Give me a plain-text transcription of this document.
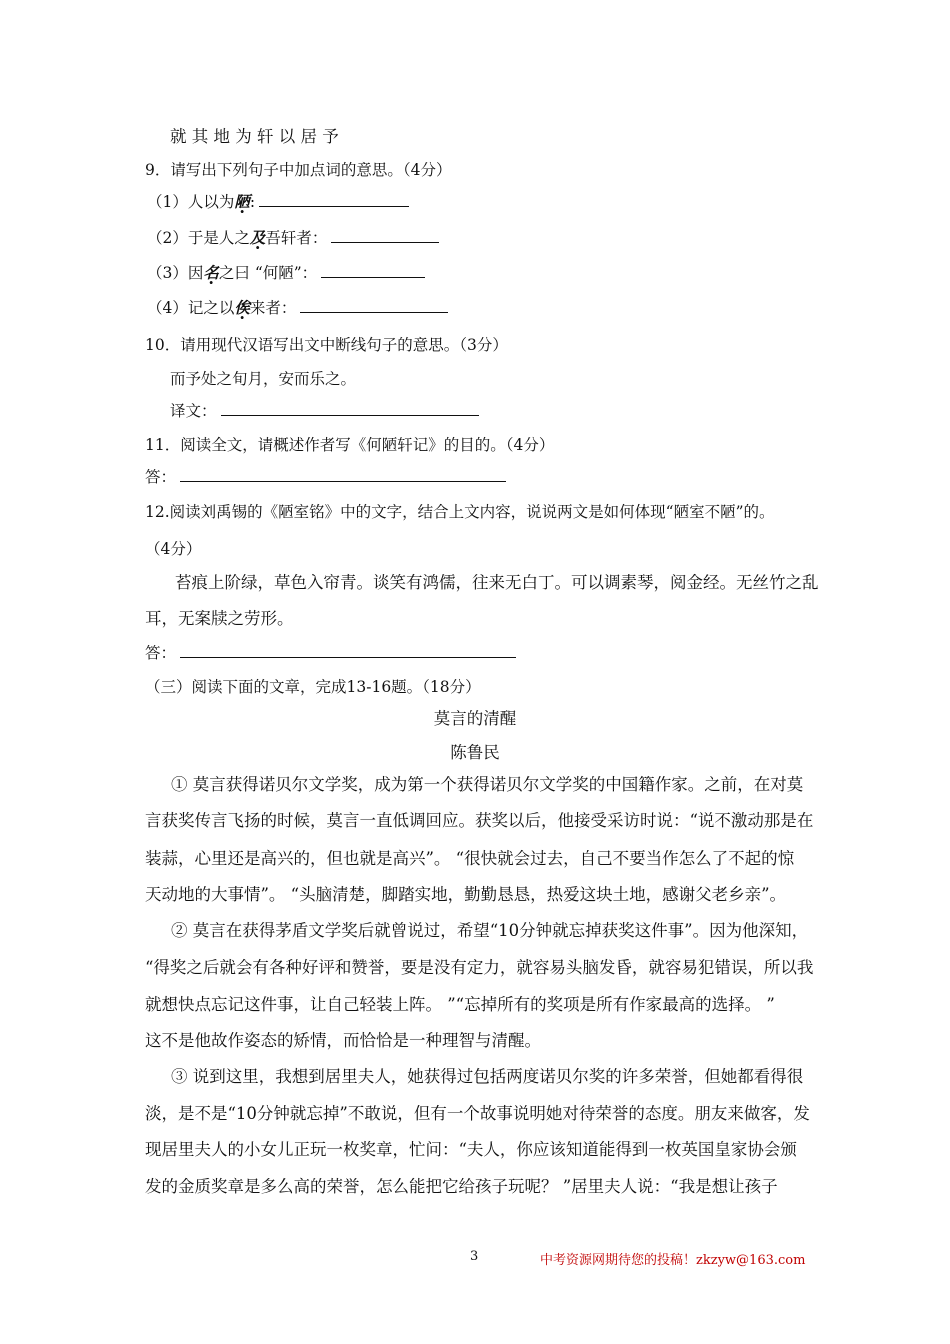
就 其 地 为 轩 以 居 予
9．请写出下列句子中加点词的意思。（4分）
（1）人以为陋:
（2）于是人之及吾轩者：
（3）因名之曰 “何陋”：
（4）记之以俟来者：
10．请用现代汉语写出文中断线句子的意思。（3分）
而予处之旬月，安而乐之。
译文：
11．阅读全文，请概述作者写《何陋轩记》的目的。（4分）
答：
12.阅读刘禹锡的《陋室铭》中的文字，结合上文内容，说说两文是如何体现“陋室不陋”的。
（4分）
苔痕上阶绿，草色入帘青。谈笑有鸿儒，往来无白丁。可以调素琴，阅金经。无丝竹之乱
耳，无案牍之劳形。
答：
（三）阅读下面的文章，完成13-16题。（18分）
莫言的清醒
陈鲁民
① 莫言获得诺贝尔文学奖，成为第一个获得诺贝尔文学奖的中国籍作家。之前，在对莫
言获奖传言飞扬的时候，莫言一直低调回应。获奖以后，他接受采访时说：“说不激动那是在
装蒜，心里还是高兴的，但也就是高兴”。 “很快就会过去，自己不要当作怎么了不起的惊
天动地的大事情”。 “头脑清楚，脚踏实地，勤勤恳恳，热爱这块土地，感谢父老乡亲”。
② 莫言在获得茅盾文学奖后就曾说过，希望“10分钟就忘掉获奖这件事”。因为他深知，
“得奖之后就会有各种好评和赞誉，要是没有定力，就容易头脑发昏，就容易犯错误，所以我
就想快点忘记这件事，让自己轻装上阵。 ”“忘掉所有的奖项是所有作家最高的选择。 ”
这不是他故作姿态的矫情，而恰恰是一种理智与清醒。
③ 说到这里，我想到居里夫人，她获得过包括两度诺贝尔奖的许多荣誉，但她都看得很
淡，是不是“10分钟就忘掉”不敢说，但有一个故事说明她对待荣誉的态度。朋友来做客，发
现居里夫人的小女儿正玩一枚奖章，忙问：“夫人，你应该知道能得到一枚英国皇家协会颁
发的金质奖章是多么高的荣誉，怎么能把它给孩子玩呢？ ”居里夫人说：“我是想让孩子
3	中考资源网期待您的投稿！zkzyw@163.com
